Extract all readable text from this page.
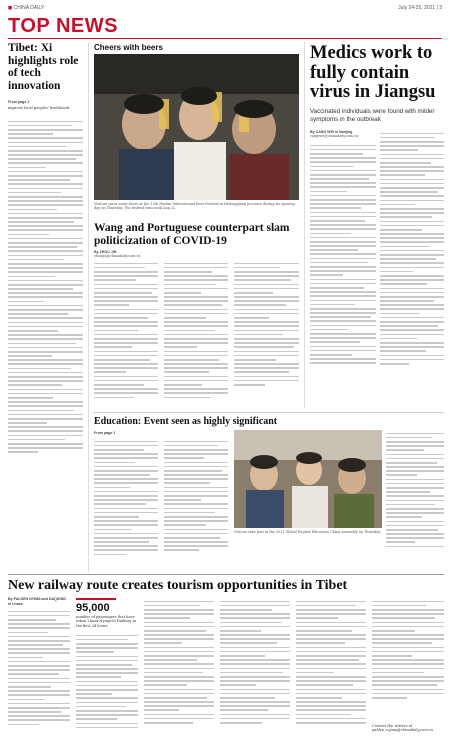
◼ CHINA DAILY	July 24-25, 2021 | 3
TOP NEWS
Tibet: Xi highlights role of tech innovation
From page 1
improve local peoples' livelihoods.
Cheers with beers
Visitors savor some beers at the 13th Harbin International Beer Festival in Heilongjiang province during its opening day on Thursday. The festival runs until Aug 22.
Wang and Portuguese counterpart slam politicization of COVID-19
By ZHOU JIN
zhoujin@chinadaily.com.cn
Medics work to fully contain virus in Jiangsu
Vaccinated individuals were found with milder symptoms in the outbreak
By CANG WEI in Nanjing
cangwei@chinadaily.com.cn
Education: Event seen as highly significant
From page 1
Visitors take part in the 2021 Global English Education China Assembly on Thursday.
New railway route creates tourism opportunities in Tibet
By PALDEN NYIMA and DAQIONG in Lhasa	95,000
number of passengers that have taken Lhasa-Nyingchi Railway in the first 24 hours
Contact the writers at palden_nyima@chinadaily.com.cn
